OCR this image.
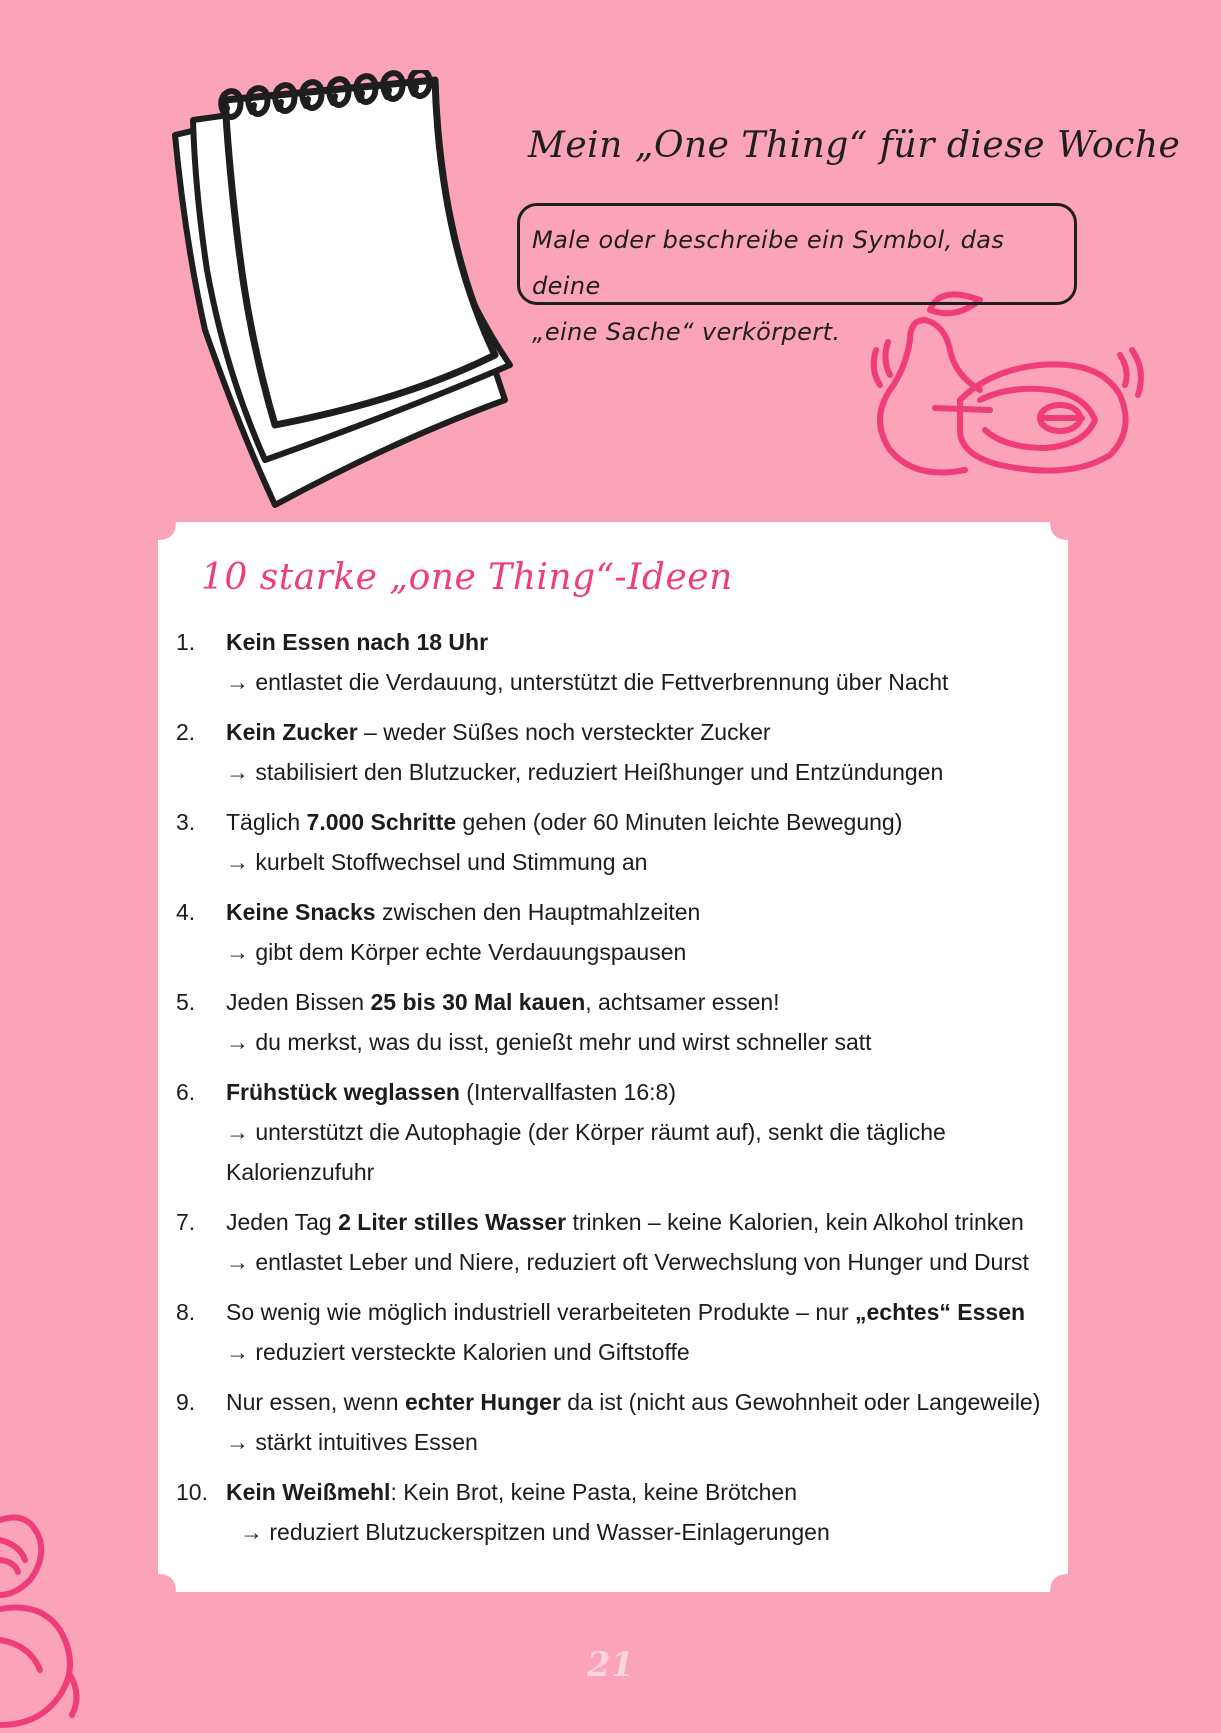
Mein „One Thing“ für diese Woche
Male oder beschreibe ein Symbol, das deine
„eine Sache“ verkörpert.
10 starke „one Thing“-Ideen
1.	Kein Essen nach 18 Uhr
→ entlastet die Verdauung, unterstützt die Fettverbrennung über Nacht
2.	Kein Zucker – weder Süßes noch versteckter Zucker
→ stabilisiert den Blutzucker, reduziert Heißhunger und Entzündungen
3.	Täglich 7.000 Schritte gehen (oder 60 Minuten leichte Bewegung)
→ kurbelt Stoffwechsel und Stimmung an
4.	Keine Snacks zwischen den Hauptmahlzeiten
→ gibt dem Körper echte Verdauungspausen
5.	Jeden Bissen 25 bis 30 Mal kauen, achtsamer essen!
→ du merkst, was du isst, genießt mehr und wirst schneller satt
6.	Frühstück weglassen (Intervallfasten 16:8)
→ unterstützt die Autophagie (der Körper räumt auf), senkt die tägliche
Kalorienzufuhr
7.	Jeden Tag 2 Liter stilles Wasser trinken – keine Kalorien, kein Alkohol trinken
→ entlastet Leber und Niere, reduziert oft Verwechslung von Hunger und Durst
8.	So wenig wie möglich industriell verarbeiteten Produkte – nur „echtes“ Essen
→ reduziert versteckte Kalorien und Giftstoffe
9.	Nur essen, wenn echter Hunger da ist (nicht aus Gewohnheit oder Langeweile)
→ stärkt intuitives Essen
10. Kein Weißmehl: Kein Brot, keine Pasta, keine Brötchen
→ reduziert Blutzuckerspitzen und Wasser-Einlagerungen
21
